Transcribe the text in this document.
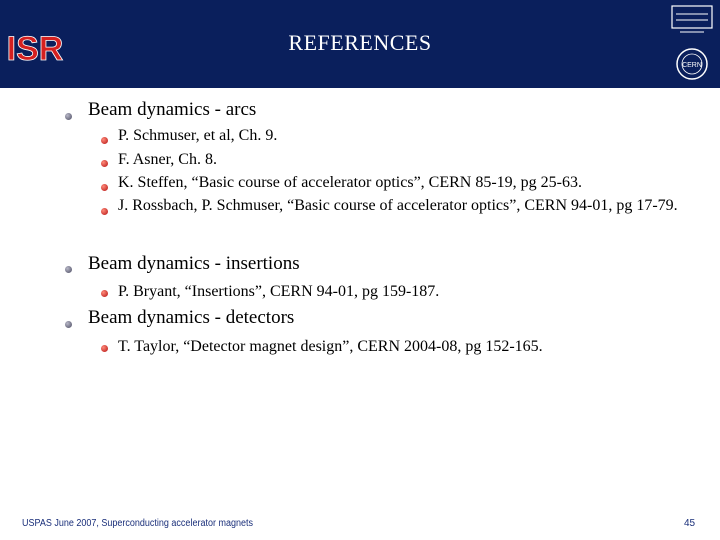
ISR	REFERENCES
CERN
Beam dynamics - arcs
P. Schmuser, et al, Ch. 9.
F. Asner, Ch. 8.
K. Steffen, “Basic course of accelerator optics”, CERN 85-19, pg 25-63.
J. Rossbach, P. Schmuser, “Basic course of accelerator optics”, CERN 94-01, pg 17-79.
Beam dynamics - insertions
P. Bryant, “Insertions”, CERN 94-01, pg 159-187.
Beam dynamics - detectors
T. Taylor, “Detector magnet design”, CERN 2004-08, pg 152-165.
USPAS June 2007, Superconducting accelerator magnets	45
